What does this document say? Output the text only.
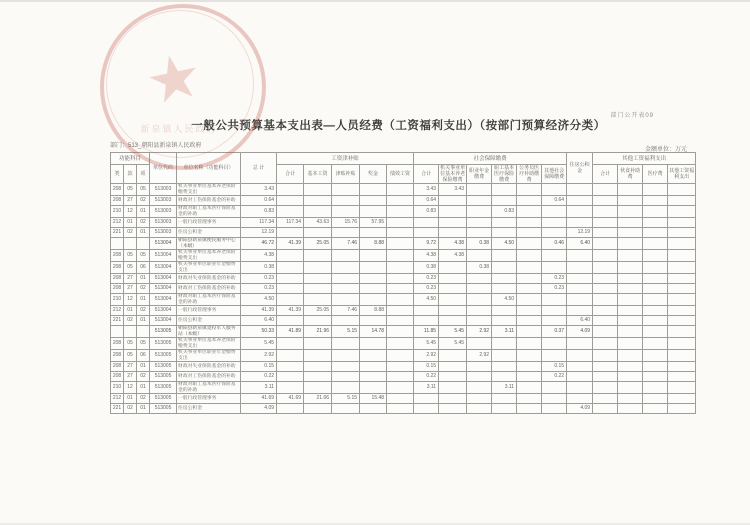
★
新泉镇人民政府
部门公开表09
一般公共预算基本支出表—人员经费（工资福利支出）（按部门预算经济分类）
部门：513_朝阳县新泉镇人民政府
金额单位：万元
功能科目			单位代码	单位名称（功能科目）	总 计	工资津补贴					社会保障缴费						住房公积金	其他工资福利支出			
类	款	项				合计	基本工资	津贴补贴	奖金	绩效工资	合计	机关事业单位基本养老保险缴费	职业年金缴费	职工基本医疗保险缴费	公务员医疗补助缴费	其他社会保障缴费		合计	伙食补助费	医疗费	其他工资福利支出
208	05	05	513003	机关事业单位基本养老保险缴费支出	3.43						3.43	3.43									
208	27	02	513003	财政对工伤保险基金的补助	0.64						0.64					0.64					
210	12	01	513003	财政对职工基本医疗保险基金的补助	0.83						0.83			0.83							
212	01	02	513003	一般行政管理事务	117.34	117.34	43.63	15.76	57.95												
221	02	01	513003	住房公积金	12.19												12.19				
			513004	朝阳县新泉镇便民服务中心（本级）	46.72	41.39	25.05	7.46	8.88		9.72	4.38	0.38	4.50		0.46	6.40				
208	05	05	513004	机关事业单位基本养老保险缴费支出	4.38						4.38	4.38									
208	05	06	513004	机关事业单位职业年金缴费支出	0.38						0.38		0.38								
208	27	01	513004	财政对失业保险基金的补助	0.23						0.23					0.23					
208	27	02	513004	财政对工伤保险基金的补助	0.23						0.23					0.23					
210	12	01	513004	财政对职工基本医疗保险基金的补助	4.50						4.50			4.50							
212	01	02	513004	一般行政管理事务	41.39	41.39	25.05	7.46	8.88												
221	02	01	513004	住房公积金	6.40												6.40				
			513005	朝阳县新泉镇退役军人服务站（本级）	50.33	41.89	21.96	5.15	14.78		11.85	5.45	2.92	3.11		0.37	4.09				
208	05	05	513005	机关事业单位基本养老保险缴费支出	5.45						5.45	5.45									
208	05	06	513005	机关事业单位职业年金缴费支出	2.92						2.92		2.92								
208	27	01	513005	财政对失业保险基金的补助	0.15						0.15					0.15					
208	27	02	513005	财政对工伤保险基金的补助	0.22						0.22					0.22					
210	12	01	513005	财政对职工基本医疗保险基金的补助	3.11						3.11			3.11							
212	01	02	513005	一般行政管理事务	41.69	41.69	21.06	5.15	15.48												
221	02	01	513005	住房公积金	4.09												4.09				
